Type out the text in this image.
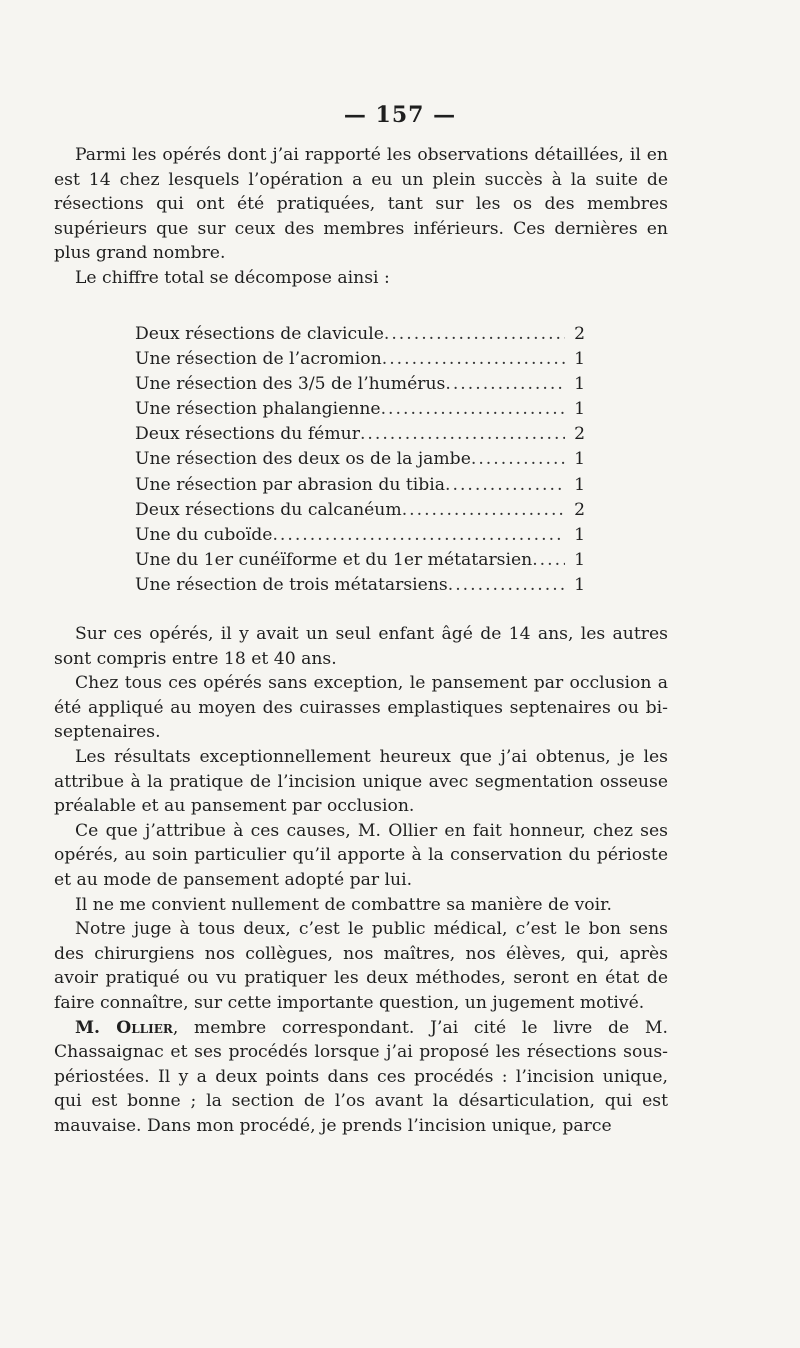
— 157 —

Parmi les opérés dont j’ai rapporté les observations détaillées, il en est 14 chez lesquels l’opération a eu un plein succès à la suite de résections qui ont été pratiquées, tant sur les os des membres supérieurs que sur ceux des membres inférieurs. Ces dernières en plus grand nombre.

Le chiffre total se décompose ainsi :

Deux résections de clavicule .....	2
Une résection de l’acromion .....	1
Une résection des 3/5 de l’humérus .....	1
Une résection phalangienne .....	1
Deux résections du fémur .....	2
Une résection des deux os de la jambe .....	1
Une résection par abrasion du tibia .....	1
Deux résections du calcanéum .....	2
Une du cuboïde .....	1
Une du 1er cunéïforme et du 1er métatarsien .....	1
Une résection de trois métatarsiens .....	1

Sur ces opérés, il y avait un seul enfant âgé de 14 ans, les autres sont compris entre 18 et 40 ans.

Chez tous ces opérés sans exception, le pansement par occlusion a été appliqué au moyen des cuirasses emplastiques septenaires ou bi-septenaires.

Les résultats exceptionnellement heureux que j’ai obtenus, je les attribue à la pratique de l’incision unique avec segmentation osseuse préalable et au pansement par occlusion.

Ce que j’attribue à ces causes, M. Ollier en fait honneur, chez ses opérés, au soin particulier qu’il apporte à la conservation du périoste et au mode de pansement adopté par lui.

Il ne me convient nullement de combattre sa manière de voir.

Notre juge à tous deux, c’est le public médical, c’est le bon sens des chirurgiens nos collègues, nos maîtres, nos élèves, qui, après avoir pratiqué ou vu pratiquer les deux méthodes, seront en état de faire connaître, sur cette importante question, un jugement motivé.

M. Ollier, membre correspondant. J’ai cité le livre de M. Chassaignac et ses procédés lorsque j’ai proposé les résections sous-périostées. Il y a deux points dans ces procédés : l’incision unique, qui est bonne ; la section de l’os avant la désarticulation, qui est mauvaise. Dans mon procédé, je prends l’incision unique, parce
